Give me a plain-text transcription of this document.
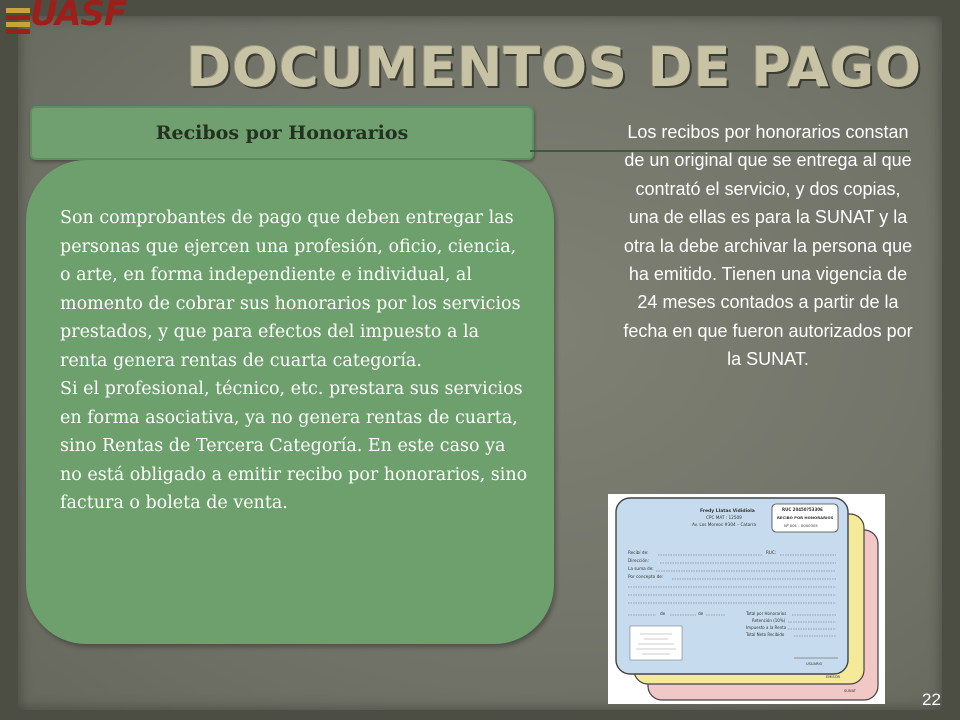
UASF
DOCUMENTOS DE PAGO
Recibos por Honorarios

Son comprobantes de pago que deben entregar las personas que ejercen una profesión, oficio, ciencia, o arte, en forma independiente e individual, al momento de cobrar sus honorarios por los servicios prestados, y que para efectos del impuesto a la renta genera rentas de cuarta categoría.

Si el profesional, técnico, etc. prestara sus servicios en forma asociativa, ya no genera rentas de cuarta, sino Rentas de Tercera Categoría. En este caso ya no está obligado a emitir recibo por honorarios, sino factura o boleta de venta.

Los recibos por honorarios constan de un original que se entrega al que contrató el servicio, y dos copias, una de ellas es para la SUNAT y la otra la debe archivar la persona que ha emitido. Tienen una vigencia de 24 meses contados a partir de la fecha en que fueron autorizados por la SUNAT.
Fredy Llatas Vididiola
CPC MAT : 12509
Av. Los Moreos #304 – Catarra
RUC 20450?53306
RECIBO POR HONORARIOS
Nº 001 - 0000305
Recibí de:
Dirección:
La suma de:
Por concepto de:
RUC:
de	de	Total por Honorarios
Retención (10%)
Impuesto a la Renta
Total Neto Recibido
USUARIO
EMISOR
SUNAT	22
